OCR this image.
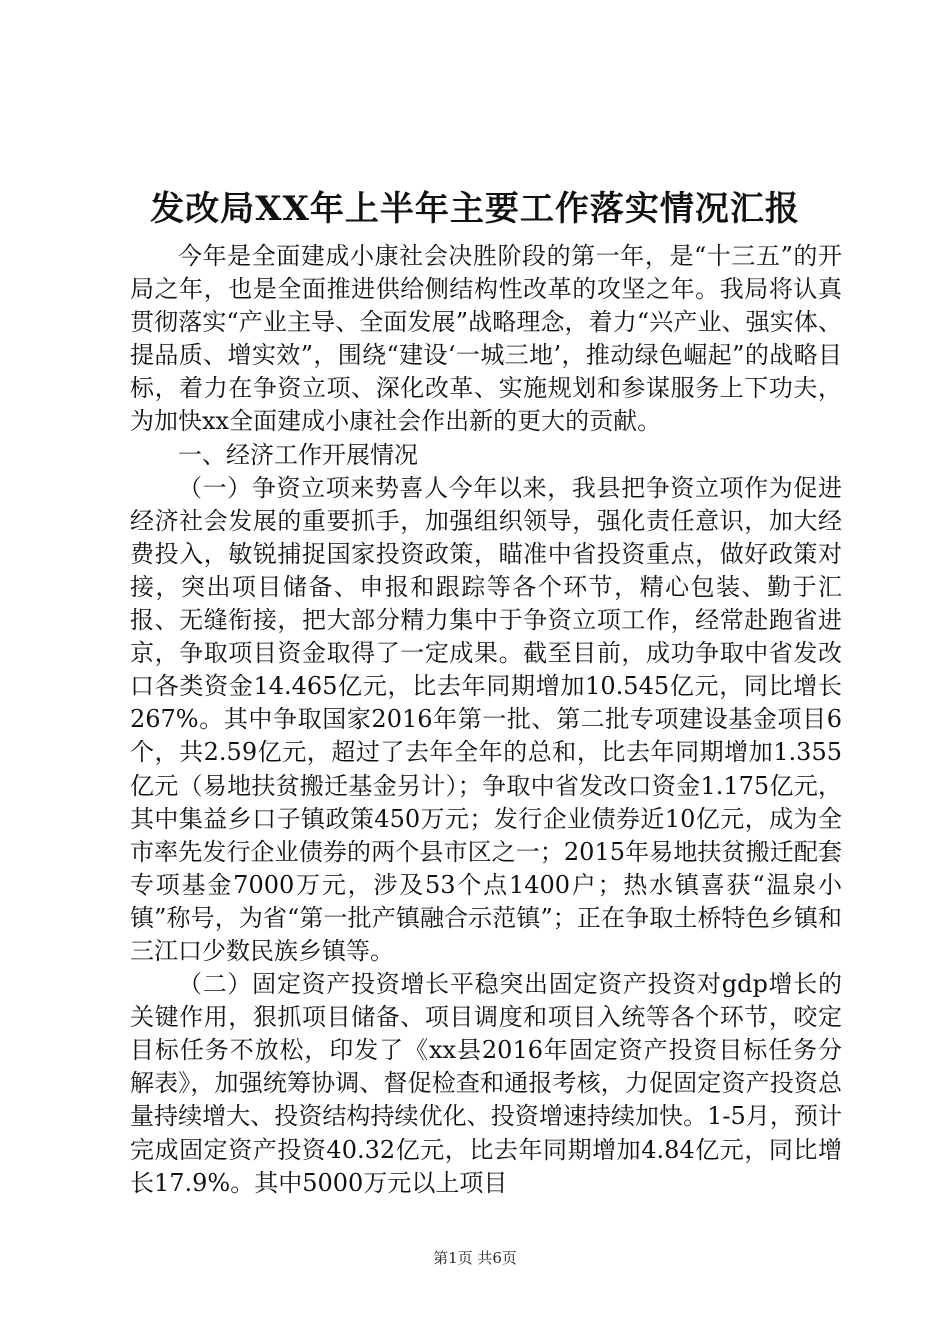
发改局XX年上半年主要工作落实情况汇报

今年是全面建成小康社会决胜阶段的第一年，是“十三五”的开局之年，也是全面推进供给侧结构性改革的攻坚之年。我局将认真贯彻落实“产业主导、全面发展”战略理念，着力“兴产业、强实体、提品质、增实效”，围绕“建设‘一城三地’，推动绿色崛起”的战略目标，着力在争资立项、深化改革、实施规划和参谋服务上下功夫，为加快xx全面建成小康社会作出新的更大的贡献。

一、经济工作开展情况

（一）争资立项来势喜人今年以来，我县把争资立项作为促进经济社会发展的重要抓手，加强组织领导，强化责任意识，加大经费投入，敏锐捕捉国家投资政策，瞄准中省投资重点，做好政策对接，突出项目储备、申报和跟踪等各个环节，精心包装、勤于汇报、无缝衔接，把大部分精力集中于争资立项工作，经常赴跑省进京，争取项目资金取得了一定成果。截至目前，成功争取中省发改口各类资金14.465亿元，比去年同期增加10.545亿元，同比增长267%。其中争取国家2016年第一批、第二批专项建设基金项目6个，共2.59亿元，超过了去年全年的总和，比去年同期增加1.355亿元（易地扶贫搬迁基金另计）；争取中省发改口资金1.175亿元，其中集益乡口子镇政策450万元；发行企业债券近10亿元，成为全市率先发行企业债券的两个县市区之一；2015年易地扶贫搬迁配套专项基金7000万元，涉及53个点1400户；热水镇喜获“温泉小镇”称号，为省“第一批产镇融合示范镇”；正在争取土桥特色乡镇和三江口少数民族乡镇等。

（二）固定资产投资增长平稳突出固定资产投资对gdp增长的关键作用，狠抓项目储备、项目调度和项目入统等各个环节，咬定目标任务不放松，印发了《xx县2016年固定资产投资目标任务分解表》，加强统筹协调、督促检查和通报考核，力促固定资产投资总量持续增大、投资结构持续优化、投资增速持续加快。1-5月，预计完成固定资产投资40.32亿元，比去年同期增加4.84亿元，同比增长17.9%。其中5000万元以上项目

第1页 共6页
